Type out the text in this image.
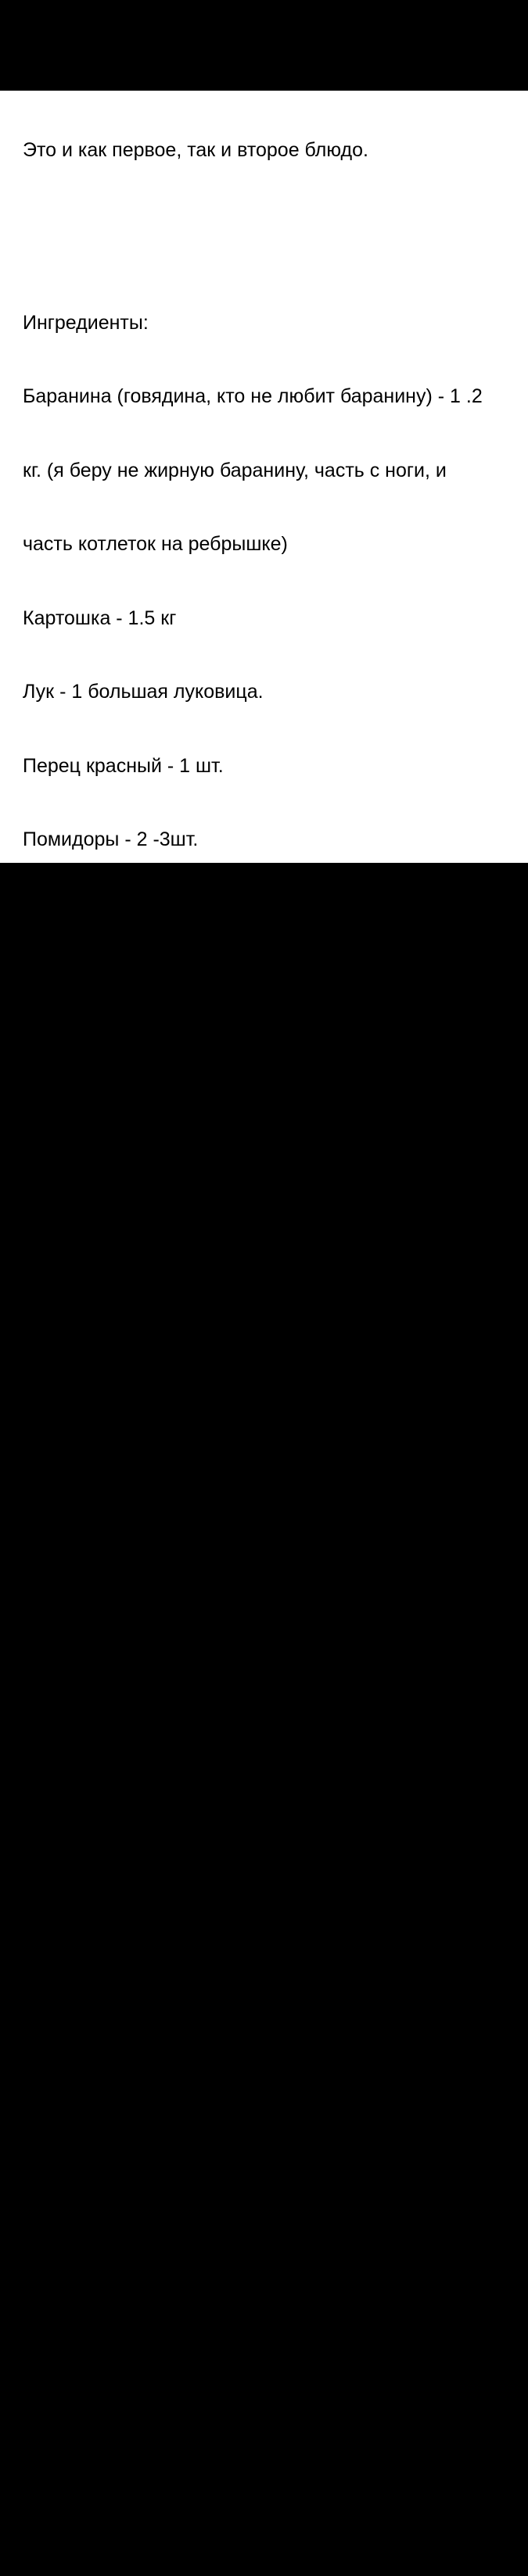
Это и как первое, так и второе блюдо.

Ингредиенты:

Баранина (говядина, кто не любит баранину) - 1 .2

кг. (я беру не жирную баранину, часть с ноги, и

часть котлеток на ребрышке)

Картошка - 1.5 кг

Лук - 1 большая луковица.

Перец красный - 1 шт.

Помидоры - 2 -3шт.

Кинза - 1 пучок.

Лавровый лист -1-2 шт.

Соль, перец по вкусу.

Приготовление:

Режем мясо на кусочки, укладываем в кастрюлю,

заливаем водой и варим до готовности, 2 часа,

обязательно снимаем всю пену, тогда суп будет

прозрачный!!!

Как только понимаем, что мясо мягкое,

добавляем картофель, порезанный на 4 части,

лук, мелко нарезанный, порезанный перец и

порезанные помидоры (кто любит помидоры не

сильно разваренные, то можно их за 5-10 минут

до готовности положить). Солим, перчим,

доводим до готовности, добавляем чеснок,

зелень, еще 2 минуты и готово!

Рекомендую настоятельно!!!!

Экспериментируйте!

Надеюсь Вам понравится!
